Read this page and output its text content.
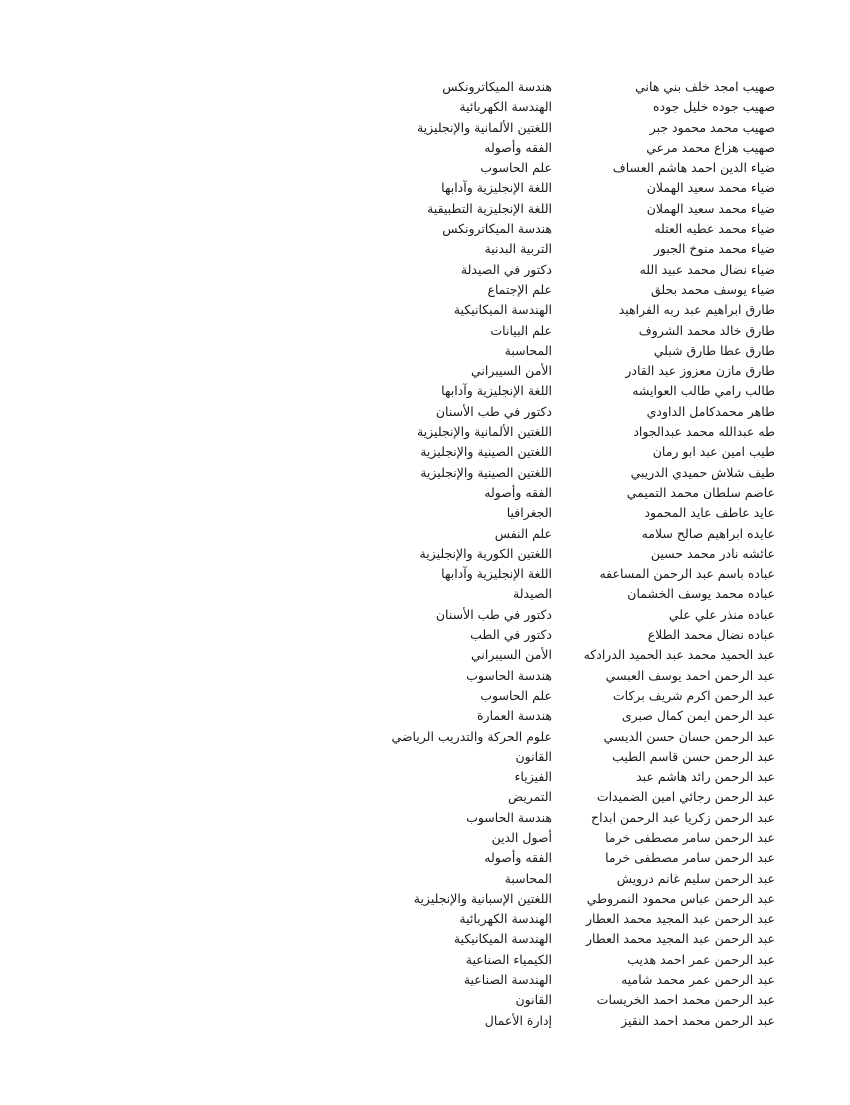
صهيب امجد خلف بني هاني
هندسة الميكاترونكس
صهيب جوده خليل جوده
الهندسة الكهربائية
صهيب محمد محمود جبر
اللغتين الألمانية والإنجليزية
صهيب هزاع محمد مرعي
الفقه وأصوله
ضياء الدين احمد هاشم العساف
علم الحاسوب
ضياء محمد سعيد الهملان
اللغة الإنجليزية وآدابها
ضياء محمد سعيد الهملان
اللغة الإنجليزية التطبيقية
ضياء محمد عطيه العتله
هندسة الميكاترونكس
ضياء محمد منوخ الجبور
التربية البدنية
ضياء نضال محمد عبيد الله
دكتور في الصيدلة
ضياء يوسف محمد بحلق
علم الإجتماع
طارق ابراهيم عبد ربه الفراهيد
الهندسة الميكانيكية
طارق خالد محمد الشروف
علم البيانات
طارق عطا طارق شبلي
المحاسبة
طارق مازن معزوز عبد القادر
الأمن السيبراني
طالب رامي طالب العوايشه
اللغة الإنجليزية وآدابها
طاهر محمدكامل الداودي
دكتور في طب الأسنان
طه عبدالله محمد عبدالجواد
اللغتين الألمانية والإنجليزية
طيب امين عبد ابو رمان
اللغتين الصينية والإنجليزية
طيف شلاش حميدي الدريبي
اللغتين الصينية والإنجليزية
عاصم سلطان محمد التميمي
الفقه وأصوله
عايد عاطف عايد المحمود
الجغرافيا
عايده ابراهيم صالح سلامه
علم النفس
عائشه نادر محمد حسين
اللغتين الكورية والإنجليزية
عباده باسم عبد الرحمن المساعفه
اللغة الإنجليزية وآدابها
عباده محمد يوسف الخشمان
الصيدلة
عباده منذر علي علي
دكتور في طب الأسنان
عباده نضال محمد الطلاع
دكتور في الطب
عبد الحميد محمد عبد الحميد الدرادكه
الأمن السيبراني
عبد الرحمن احمد يوسف العبسي
هندسة الحاسوب
عبد الرحمن اكرم شريف بركات
علم الحاسوب
عبد الرحمن ايمن كمال صبرى
هندسة العمارة
عبد الرحمن حسان حسن الديسي
علوم الحركة والتدريب الرياضي
عبد الرحمن حسن قاسم الطيب
القانون
عبد الرحمن رائد هاشم عبد
الفيزياء
عبد الرحمن رجائي امين الضميدات
التمريض
عبد الرحمن زكريا عبد الرحمن ابداح
هندسة الحاسوب
عبد الرحمن سامر مصطفى خرما
أصول الدين
عبد الرحمن سامر مصطفى خرما
الفقه وأصوله
عبد الرحمن سليم غانم درويش
المحاسبة
عبد الرحمن عباس محمود النمروطي
اللغتين الإسبانية والإنجليزية
عبد الرحمن عبد المجيد محمد العطار
الهندسة الكهربائية
عبد الرحمن عبد المجيد محمد العطار
الهندسة الميكانيكية
عبد الرحمن عمر احمد هديب
الكيمياء الصناعية
عبد الرحمن عمر محمد شاميه
الهندسة الصناعية
عبد الرحمن محمد احمد الخريسات
القانون
عبد الرحمن محمد احمد النقيز
إدارة الأعمال
